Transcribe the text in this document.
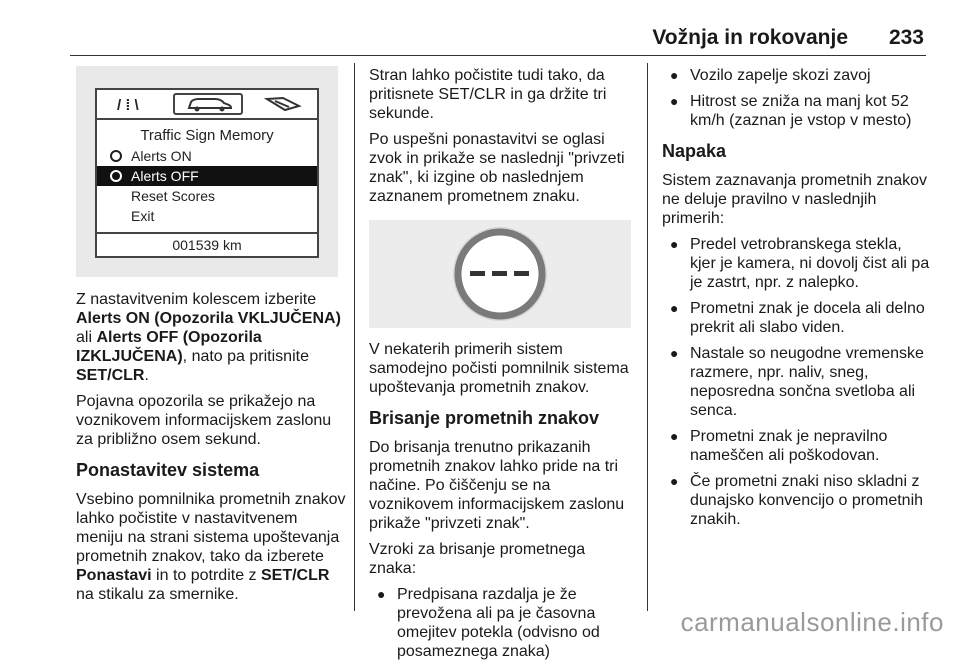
Vožnja in rokovanje 233
/ ⁞ \
Traffic Sign Memory
Alerts ON
Alerts OFF
Reset Scores
Exit
001539 km

Z nastavitvenim kolescem izberite Alerts ON (Opozorila VKLJUČENA) ali Alerts OFF (Opozorila IZKLJUČENA), nato pa pritisnite SET/CLR.

Pojavna opozorila se prikažejo na voznikovem informacijskem zaslonu za približno osem sekund.

Ponastavitev sistema

Vsebino pomnilnika prometnih znakov lahko počistite v nastavitvenem meniju na strani sistema upoštevanja prometnih znakov, tako da izberete Ponastavi in to potrdite z SET/CLR na stikalu za smernike.

Stran lahko počistite tudi tako, da pritisnete SET/CLR in ga držite tri sekunde.

Po uspešni ponastavitvi se oglasi zvok in prikaže se naslednji "privzeti znak", ki izgine ob naslednjem zaznanem prometnem znaku.

V nekaterih primerih sistem samodejno počisti pomnilnik sistema upoštevanja prometnih znakov.

Brisanje prometnih znakov

Do brisanja trenutno prikazanih prometnih znakov lahko pride na tri načine. Po čiščenju se na voznikovem informacijskem zaslonu prikaže "privzeti znak".

Vzroki za brisanje prometnega znaka:

● Predpisana razdalja je že prevožena ali pa je časovna omejitev potekla (odvisno od posameznega znaka)
● Vozilo zapelje skozi zavoj
● Hitrost se zniža na manj kot 52 km/h (zaznan je vstop v mesto)
Napaka

Sistem zaznavanja prometnih znakov ne deluje pravilno v naslednjih primerih:

● Predel vetrobranskega stekla, kjer je kamera, ni dovolj čist ali pa je zastrt, npr. z nalepko.
● Prometni znak je docela ali delno prekrit ali slabo viden.
● Nastale so neugodne vremenske razmere, npr. naliv, sneg, neposredna sončna svetloba ali senca.
● Prometni znak je nepravilno nameščen ali poškodovan.
● Če prometni znaki niso skladni z dunajsko konvencijo o prometnih znakih.
carmanualsonline.info
